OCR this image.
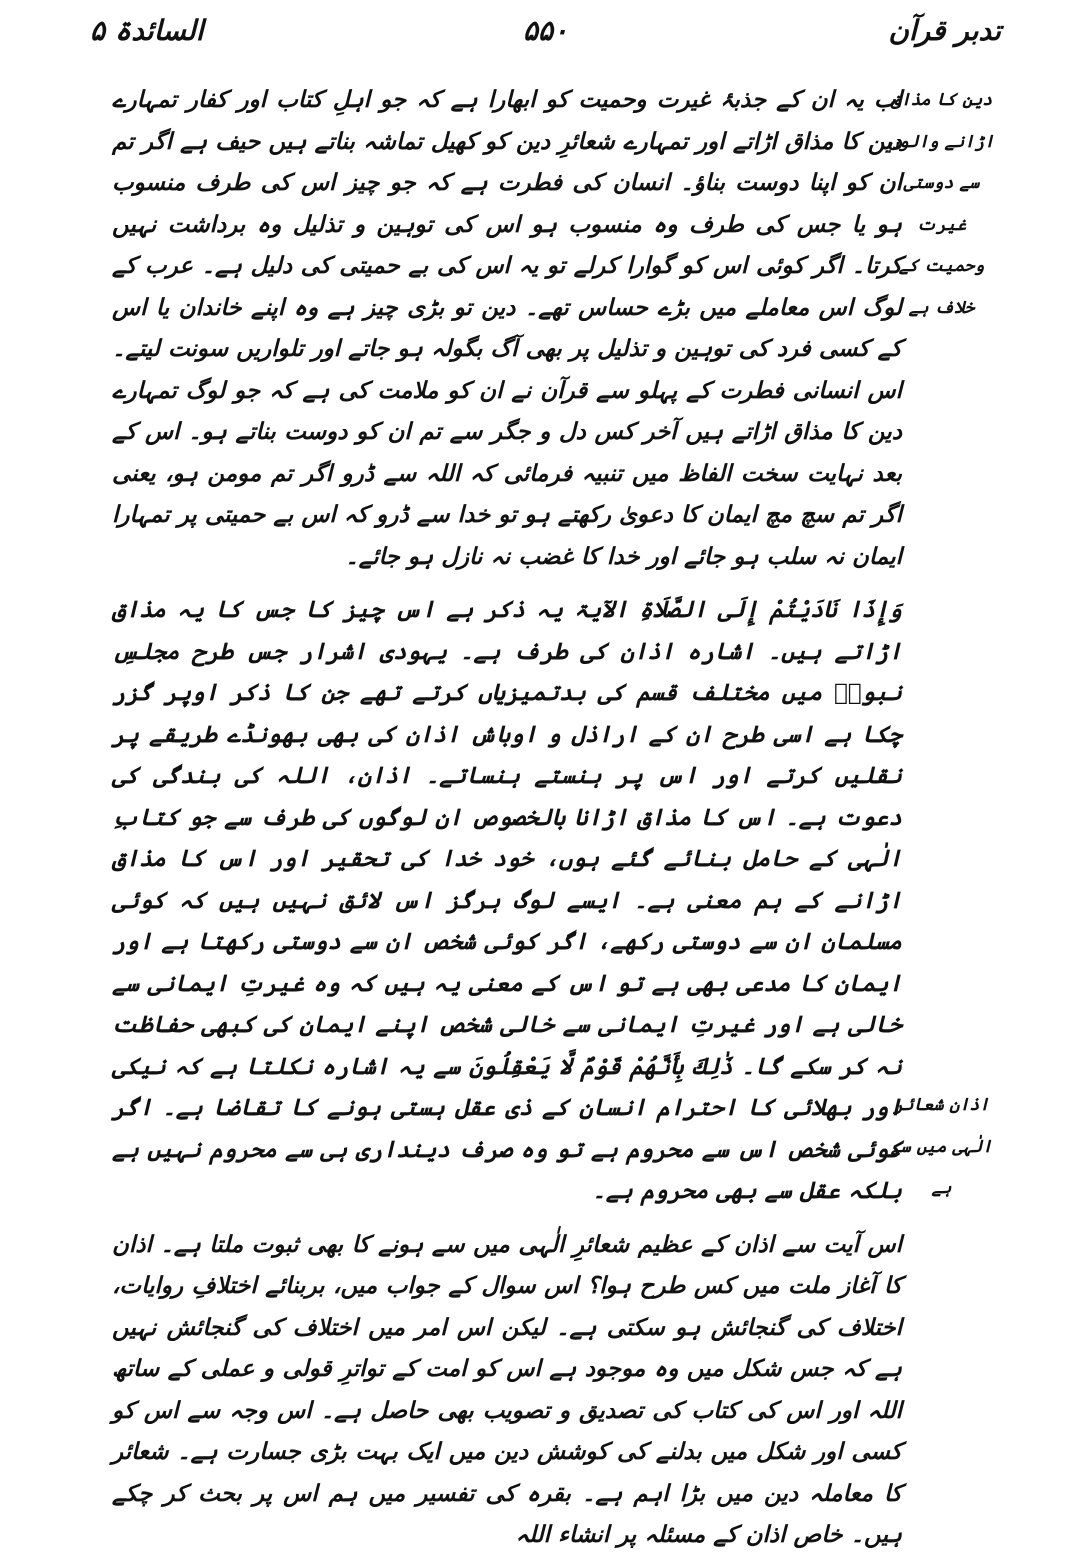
تدبر قرآن
۵۵۰
السائدۃ ۵
دین کا مذاق اڑانے والوں سے دوستی غیرت وحمیت کے خلاف ہے
اذان شعائر الٰہی میں سے ہے

اب یہ ان کے جذبۂ غیرت وحمیت کو ابھارا ہے کہ جو اہلِ کتاب اور کفار تمہارے دین کا مذاق اڑاتے اور تمہارے شعائرِ دین کو کھیل تماشہ بناتے ہیں حیف ہے اگر تم ان کو اپنا دوست بناؤ۔ انسان کی فطرت ہے کہ جو چیز اس کی طرف منسوب ہو یا جس کی طرف وہ منسوب ہو اس کی توہین و تذلیل وہ برداشت نہیں کرتا۔ اگر کوئی اس کو گوارا کرلے تو یہ اس کی بے حمیتی کی دلیل ہے۔ عرب کے لوگ اس معاملے میں بڑے حساس تھے۔ دین تو بڑی چیز ہے وہ اپنے خاندان یا اس کے کسی فرد کی توہین و تذلیل پر بھی آگ بگولہ ہو جاتے اور تلواریں سونت لیتے۔ اس انسانی فطرت کے پہلو سے قرآن نے ان کو ملامت کی ہے کہ جو لوگ تمہارے دین کا مذاق اڑاتے ہیں آخر کس دل و جگر سے تم ان کو دوست بناتے ہو۔ اس کے بعد نہایت سخت الفاظ میں تنبیہ فرمائی کہ اللہ سے ڈرو اگر تم مومن ہو، یعنی اگر تم سچ مچ ایمان کا دعویٰ رکھتے ہو تو خدا سے ڈرو کہ اس بے حمیتی پر تمہارا ایمان نہ سلب ہو جائے اور خدا کا غضب نہ نازل ہو جائے۔

وَإِذَا نَادَيْتُمْ إِلَى الصَّلَاةِ الآیۃ یہ ذکر ہے اس چیز کا جس کا یہ مذاق اڑاتے ہیں۔ اشارہ اذان کی طرف ہے۔ یہودی اشرار جس طرح مجلسِ نبویؐ میں مختلف قسم کی بدتمیزیاں کرتے تھے جن کا ذکر اوپر گزر چکا ہے اسی طرح ان کے اراذل و اوباش اذان کی بھی بھونڈے طریقے پر نقلیں کرتے اور اس پر ہنستے ہنساتے۔ اذان، اللہ کی بندگی کی دعوت ہے۔ اس کا مذاق اڑانا بالخصوص ان لوگوں کی طرف سے جو کتابِ الٰہی کے حامل بنائے گئے ہوں، خود خدا کی تحقیر اور اس کا مذاق اڑانے کے ہم معنی ہے۔ ایسے لوگ ہرگز اس لائق نہیں ہیں کہ کوئی مسلمان ان سے دوستی رکھے، اگر کوئی شخص ان سے دوستی رکھتا ہے اور ایمان کا مدعی بھی ہے تو اس کے معنی یہ ہیں کہ وہ غیرتِ ایمانی سے خالی ہے اور غیرتِ ایمانی سے خالی شخص اپنے ایمان کی کبھی حفاظت نہ کر سکے گا۔ ذَٰلِكَ بِأَنَّهُمْ قَوْمٌ لَّا يَعْقِلُونَ سے یہ اشارہ نکلتا ہے کہ نیکی اور بھلائی کا احترام انسان کے ذی عقل ہستی ہونے کا تقاضا ہے۔ اگر کوئی شخص اس سے محروم ہے تو وہ صرف دینداری ہی سے محروم نہیں ہے بلکہ عقل سے بھی محروم ہے۔

اس آیت سے اذان کے عظیم شعائرِ الٰہی میں سے ہونے کا بھی ثبوت ملتا ہے۔ اذان کا آغاز ملت میں کس طرح ہوا؟ اس سوال کے جواب میں، بربنائے اختلافِ روایات، اختلاف کی گنجائش ہو سکتی ہے۔ لیکن اس امر میں اختلاف کی گنجائش نہیں ہے کہ جس شکل میں وہ موجود ہے اس کو امت کے تواترِ قولی و عملی کے ساتھ اللہ اور اس کی کتاب کی تصدیق و تصویب بھی حاصل ہے۔ اس وجہ سے اس کو کسی اور شکل میں بدلنے کی کوشش دین میں ایک بہت بڑی جسارت ہے۔ شعائر کا معاملہ دین میں بڑا اہم ہے۔ بقرہ کی تفسیر میں ہم اس پر بحث کر چکے ہیں۔ خاص اذان کے مسئلہ پر انشاء اللہ
